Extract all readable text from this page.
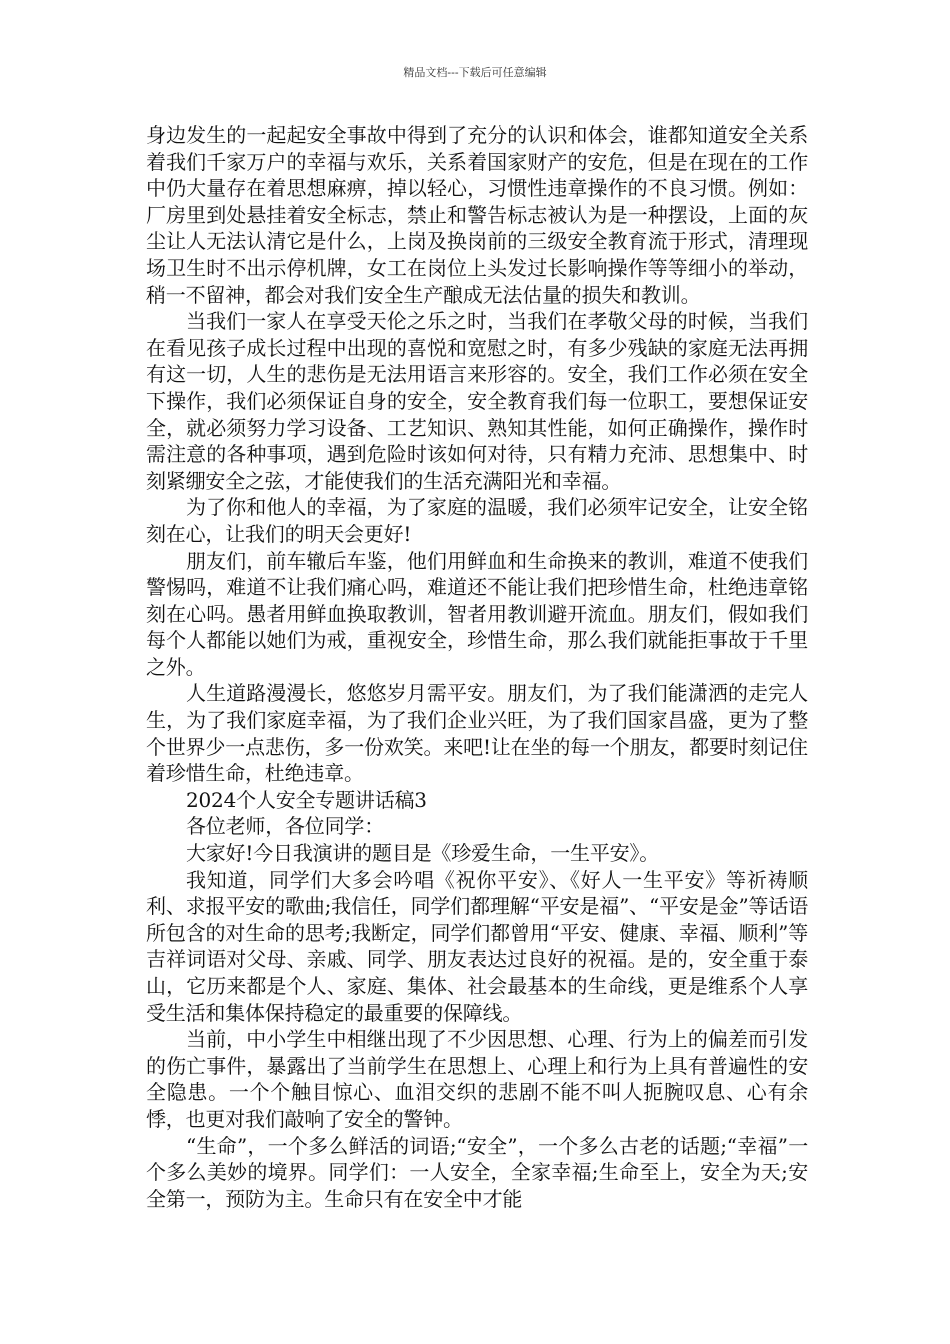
精品文档---下载后可任意编辑

身边发生的一起起安全事故中得到了充分的认识和体会，谁都知道安全关系着我们千家万户的幸福与欢乐，关系着国家财产的安危，但是在现在的工作中仍大量存在着思想麻痹，掉以轻心，习惯性违章操作的不良习惯。例如：厂房里到处悬挂着安全标志，禁止和警告标志被认为是一种摆设，上面的灰尘让人无法认清它是什么，上岗及换岗前的三级安全教育流于形式，清理现场卫生时不出示停机牌，女工在岗位上头发过长影响操作等等细小的举动，稍一不留神，都会对我们安全生产酿成无法估量的损失和教训。

当我们一家人在享受天伦之乐之时，当我们在孝敬父母的时候，当我们在看见孩子成长过程中出现的喜悦和宽慰之时，有多少残缺的家庭无法再拥有这一切，人生的悲伤是无法用语言来形容的。安全，我们工作必须在安全下操作，我们必须保证自身的安全，安全教育我们每一位职工，要想保证安全，就必须努力学习设备、工艺知识、熟知其性能，如何正确操作，操作时需注意的各种事项，遇到危险时该如何对待，只有精力充沛、思想集中、时刻紧绷安全之弦，才能使我们的生活充满阳光和幸福。

为了你和他人的幸福，为了家庭的温暖，我们必须牢记安全，让安全铭刻在心，让我们的明天会更好!

朋友们，前车辙后车鉴，他们用鲜血和生命换来的教训，难道不使我们警惕吗，难道不让我们痛心吗，难道还不能让我们把珍惜生命，杜绝违章铭刻在心吗。愚者用鲜血换取教训，智者用教训避开流血。朋友们，假如我们每个人都能以她们为戒，重视安全，珍惜生命，那么我们就能拒事故于千里之外。

人生道路漫漫长，悠悠岁月需平安。朋友们，为了我们能潇洒的走完人生，为了我们家庭幸福，为了我们企业兴旺，为了我们国家昌盛，更为了整个世界少一点悲伤，多一份欢笑。来吧!让在坐的每一个朋友，都要时刻记住着珍惜生命，杜绝违章。

2024个人安全专题讲话稿3

各位老师，各位同学：

大家好!今日我演讲的题目是《珍爱生命，一生平安》。

我知道，同学们大多会吟唱《祝你平安》、《好人一生平安》等祈祷顺利、求报平安的歌曲;我信任，同学们都理解“平安是福”、“平安是金”等话语所包含的对生命的思考;我断定，同学们都曾用“平安、健康、幸福、顺利”等吉祥词语对父母、亲戚、同学、朋友表达过良好的祝福。是的，安全重于泰山，它历来都是个人、家庭、集体、社会最基本的生命线，更是维系个人享受生活和集体保持稳定的最重要的保障线。

当前，中小学生中相继出现了不少因思想、心理、行为上的偏差而引发的伤亡事件，暴露出了当前学生在思想上、心理上和行为上具有普遍性的安全隐患。一个个触目惊心、血泪交织的悲剧不能不叫人扼腕叹息、心有余悸，也更对我们敲响了安全的警钟。

“生命”，一个多么鲜活的词语;“安全”，一个多么古老的话题;“幸福”一个多么美妙的境界。同学们：一人安全，全家幸福;生命至上，安全为天;安全第一，预防为主。生命只有在安全中才能
